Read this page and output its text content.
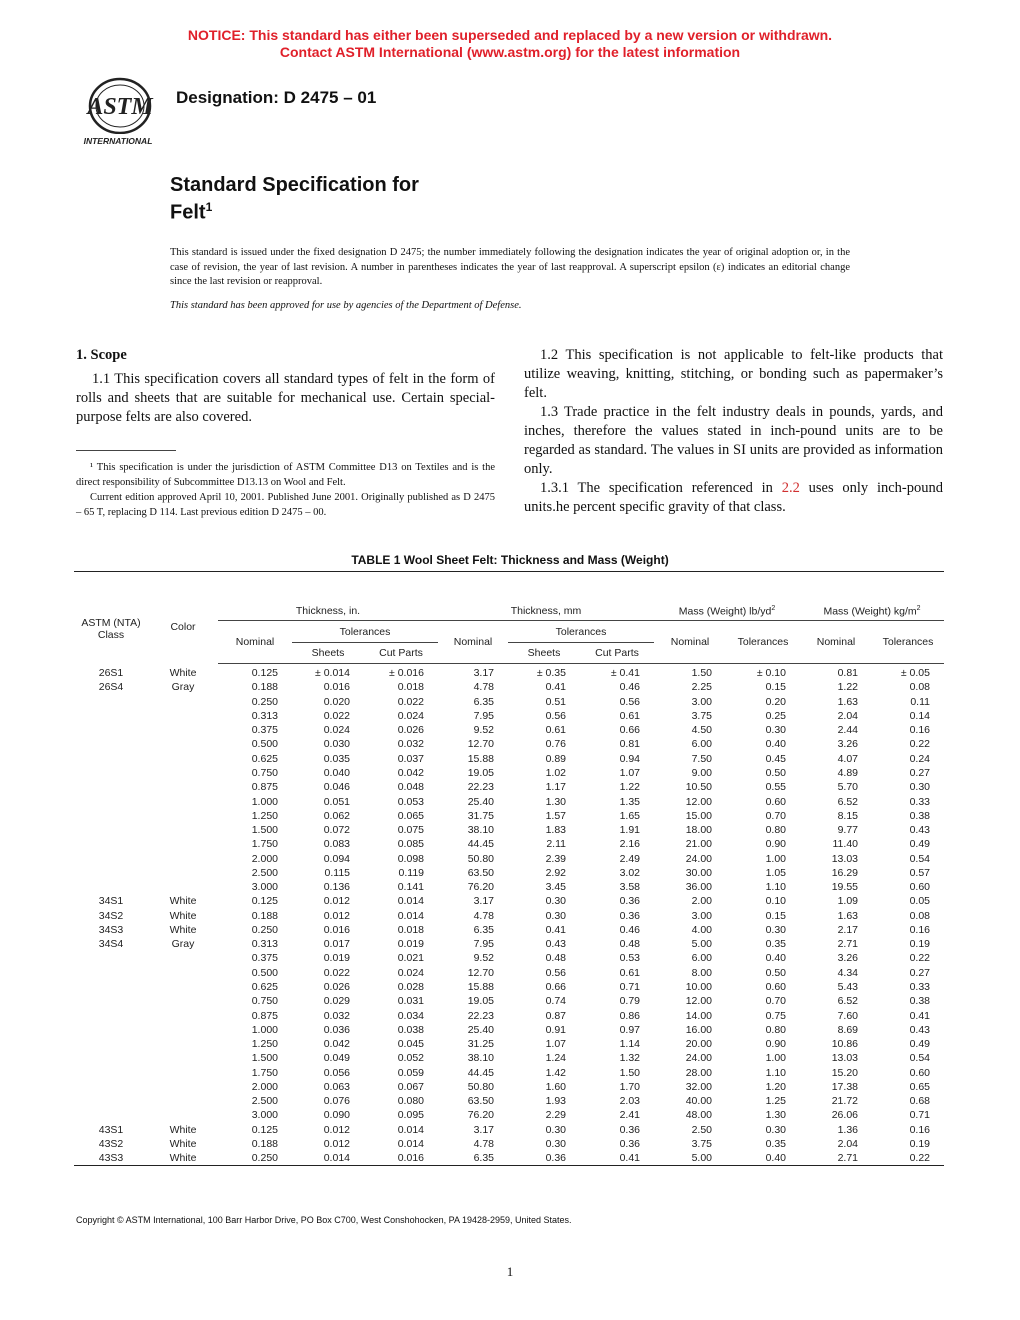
NOTICE: This standard has either been superseded and replaced by a new version or withdrawn.
Contact ASTM International (www.astm.org) for the latest information
ASTM
INTERNATIONAL
Designation: D 2475 – 01
Standard Specification for
Felt$^1$
This standard is issued under the fixed designation D 2475; the number immediately following the designation indicates the year of original adoption or, in the case of revision, the year of last revision. A number in parentheses indicates the year of last reapproval. A superscript epsilon (ε) indicates an editorial change since the last revision or reapproval.
This standard has been approved for use by agencies of the Department of Defense.
1. Scope

1.1 This specification covers all standard types of felt in the form of rolls and sheets that are suitable for mechanical use. Certain special-purpose felts are also covered.

1.2 This specification is not applicable to felt-like products that utilize weaving, knitting, stitching, or bonding such as papermaker’s felt.

1.3 Trade practice in the felt industry deals in pounds, yards, and inches, therefore the values stated in inch-pound units are to be regarded as standard. The values in SI units are provided as information only.

1.3.1 The specification referenced in 2.2 uses only inch-pound units.he percent specific gravity of that class.

¹ This specification is under the jurisdiction of ASTM Committee D13 on Textiles and is the direct responsibility of Subcommittee D13.13 on Wool and Felt.

Current edition approved April 10, 2001. Published June 2001. Originally published as D 2475 – 65 T, replacing D 114. Last previous edition D 2475 – 00.

TABLE 1 Wool Sheet Felt: Thickness and Mass (Weight)

ASTM (NTA) Class	Color	Thickness, in.			Thickness, mm			Mass (Weight) $lb/yd^2$		Mass (Weight) $kg/m^2$
		Nominal	Tolerances		Nominal	Tolerances		Nominal	Tolerances	Nominal	Tolerances
			Sheets	Cut Parts		Sheets	Cut Parts				
26S1	White	0.125	± 0.014	± 0.016	3.17	± 0.35	± 0.41	1.50	± 0.10	0.81	± 0.05
26S4	Gray	0.188	0.016	0.018	4.78	0.41	0.46	2.25	0.15	1.22	0.08
		0.250	0.020	0.022	6.35	0.51	0.56	3.00	0.20	1.63	0.11
		0.313	0.022	0.024	7.95	0.56	0.61	3.75	0.25	2.04	0.14
		0.375	0.024	0.026	9.52	0.61	0.66	4.50	0.30	2.44	0.16
		0.500	0.030	0.032	12.70	0.76	0.81	6.00	0.40	3.26	0.22
		0.625	0.035	0.037	15.88	0.89	0.94	7.50	0.45	4.07	0.24
		0.750	0.040	0.042	19.05	1.02	1.07	9.00	0.50	4.89	0.27
		0.875	0.046	0.048	22.23	1.17	1.22	10.50	0.55	5.70	0.30
		1.000	0.051	0.053	25.40	1.30	1.35	12.00	0.60	6.52	0.33
		1.250	0.062	0.065	31.75	1.57	1.65	15.00	0.70	8.15	0.38
		1.500	0.072	0.075	38.10	1.83	1.91	18.00	0.80	9.77	0.43
		1.750	0.083	0.085	44.45	2.11	2.16	21.00	0.90	11.40	0.49
		2.000	0.094	0.098	50.80	2.39	2.49	24.00	1.00	13.03	0.54
		2.500	0.115	0.119	63.50	2.92	3.02	30.00	1.05	16.29	0.57
		3.000	0.136	0.141	76.20	3.45	3.58	36.00	1.10	19.55	0.60
34S1	White	0.125	0.012	0.014	3.17	0.30	0.36	2.00	0.10	1.09	0.05
34S2	White	0.188	0.012	0.014	4.78	0.30	0.36	3.00	0.15	1.63	0.08
34S3	White	0.250	0.016	0.018	6.35	0.41	0.46	4.00	0.30	2.17	0.16
34S4	Gray	0.313	0.017	0.019	7.95	0.43	0.48	5.00	0.35	2.71	0.19
		0.375	0.019	0.021	9.52	0.48	0.53	6.00	0.40	3.26	0.22
		0.500	0.022	0.024	12.70	0.56	0.61	8.00	0.50	4.34	0.27
		0.625	0.026	0.028	15.88	0.66	0.71	10.00	0.60	5.43	0.33
		0.750	0.029	0.031	19.05	0.74	0.79	12.00	0.70	6.52	0.38
		0.875	0.032	0.034	22.23	0.87	0.86	14.00	0.75	7.60	0.41
		1.000	0.036	0.038	25.40	0.91	0.97	16.00	0.80	8.69	0.43
		1.250	0.042	0.045	31.25	1.07	1.14	20.00	0.90	10.86	0.49
		1.500	0.049	0.052	38.10	1.24	1.32	24.00	1.00	13.03	0.54
		1.750	0.056	0.059	44.45	1.42	1.50	28.00	1.10	15.20	0.60
		2.000	0.063	0.067	50.80	1.60	1.70	32.00	1.20	17.38	0.65
		2.500	0.076	0.080	63.50	1.93	2.03	40.00	1.25	21.72	0.68
		3.000	0.090	0.095	76.20	2.29	2.41	48.00	1.30	26.06	0.71
43S1	White	0.125	0.012	0.014	3.17	0.30	0.36	2.50	0.30	1.36	0.16
43S2	White	0.188	0.012	0.014	4.78	0.30	0.36	3.75	0.35	2.04	0.19
43S3	White	0.250	0.014	0.016	6.35	0.36	0.41	5.00	0.40	2.71	0.22
Copyright © ASTM International, 100 Barr Harbor Drive, PO Box C700, West Conshohocken, PA 19428-2959, United States.
1
